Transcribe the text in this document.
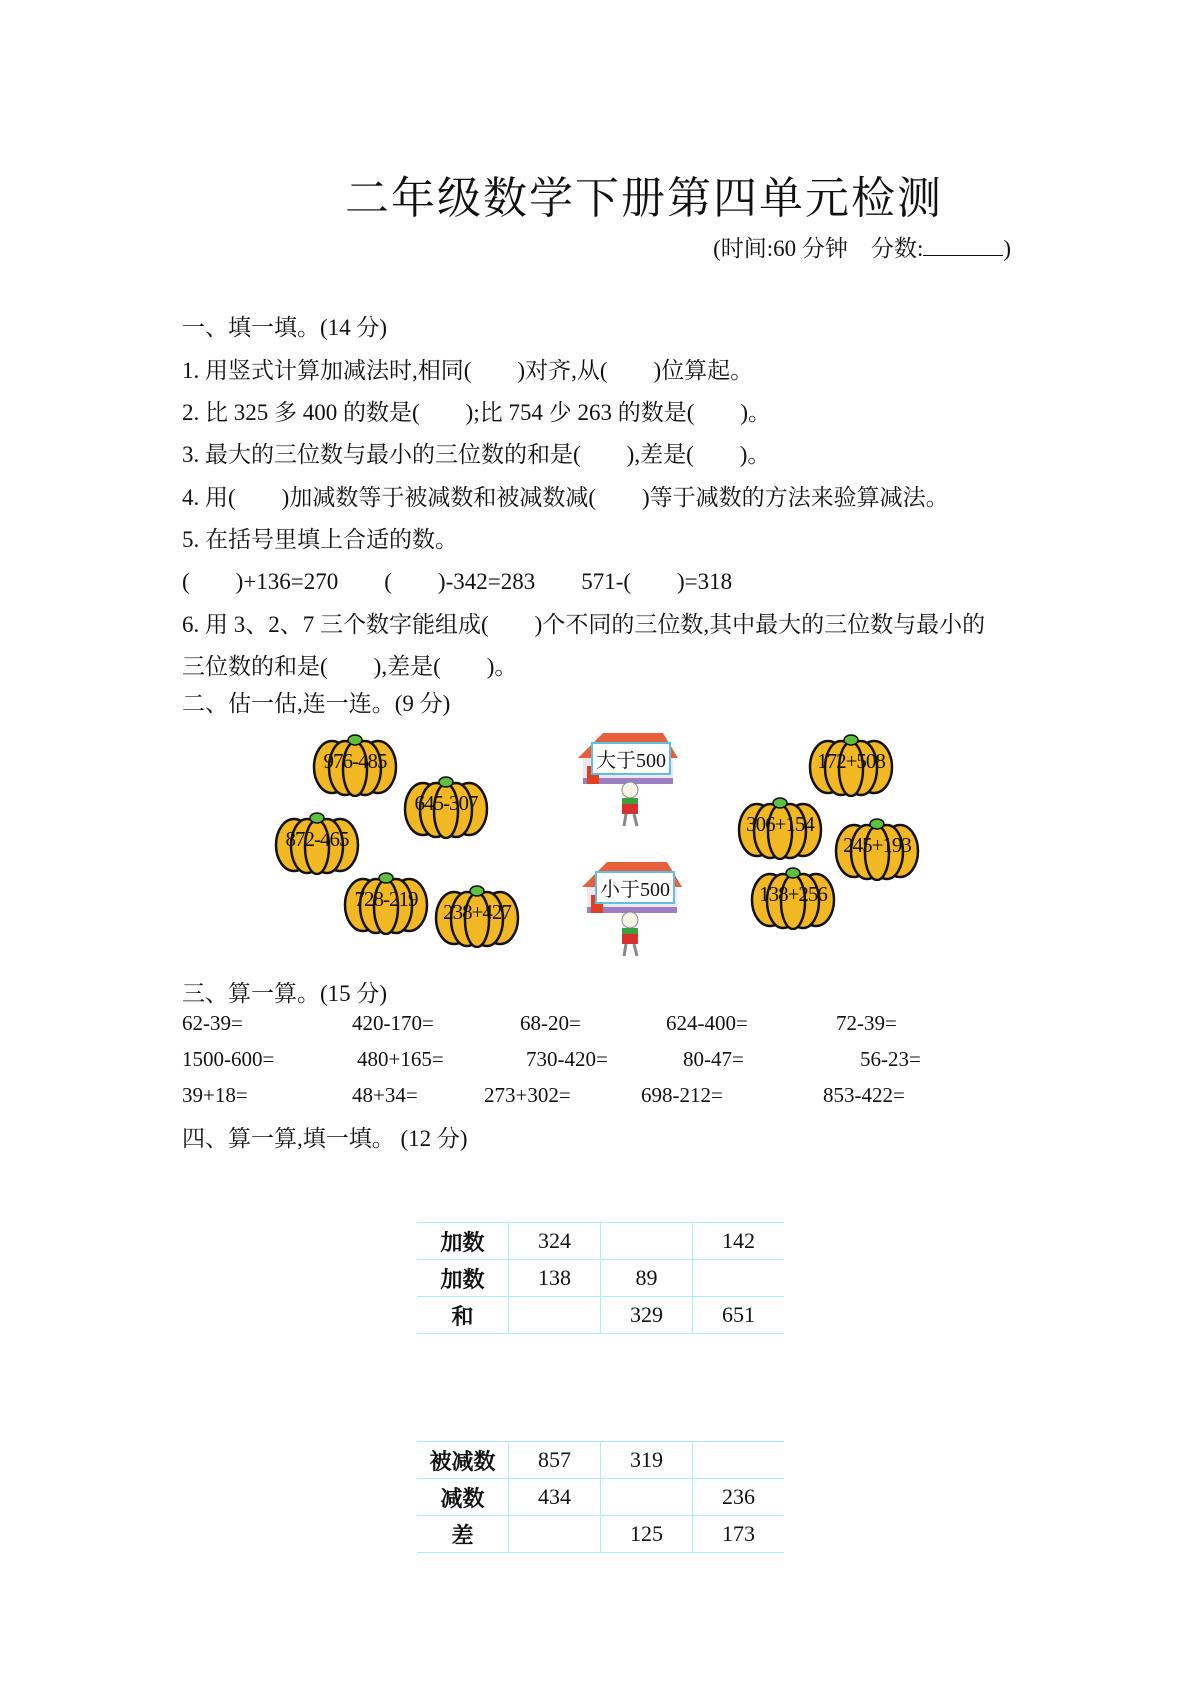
二年级数学下册第四单元检测
(时间:60 分钟 分数:	)
一、填一填。(14 分)
1. 用竖式计算加减法时,相同(　　)对齐,从(　　)位算起。
2. 比 325 多 400 的数是(　　);比 754 少 263 的数是(　　)。
3. 最大的三位数与最小的三位数的和是(　　),差是(　　)。
4. 用(　　)加减数等于被减数和被减数减(　　)等于减数的方法来验算减法。
5. 在括号里填上合适的数。
(　　)+136=270　　(　　)-342=283　　571-(　　)=318
6. 用 3、2、7 三个数字能组成(　　)个不同的三位数,其中最大的三位数与最小的
三位数的和是(　　),差是(　　)。
二、估一估,连一连。(9 分)
大于500
小于500
976-485
645-307
872-465
728-219
238+427
172+508
306+154
245+193
138+256
三、算一算。(15 分)
62-39=	420-170=	68-20=	624-400=	72-39=
1500-600=	480+165=	730-420=	80-47=	56-23=
39+18=	48+34=	273+302=	698-212=	853-422=
四、算一算,填一填。 (12 分)
加数	324		142
加数	138	89	
和		329	651
被减数	857	319	
减数	434		236
差		125	173
